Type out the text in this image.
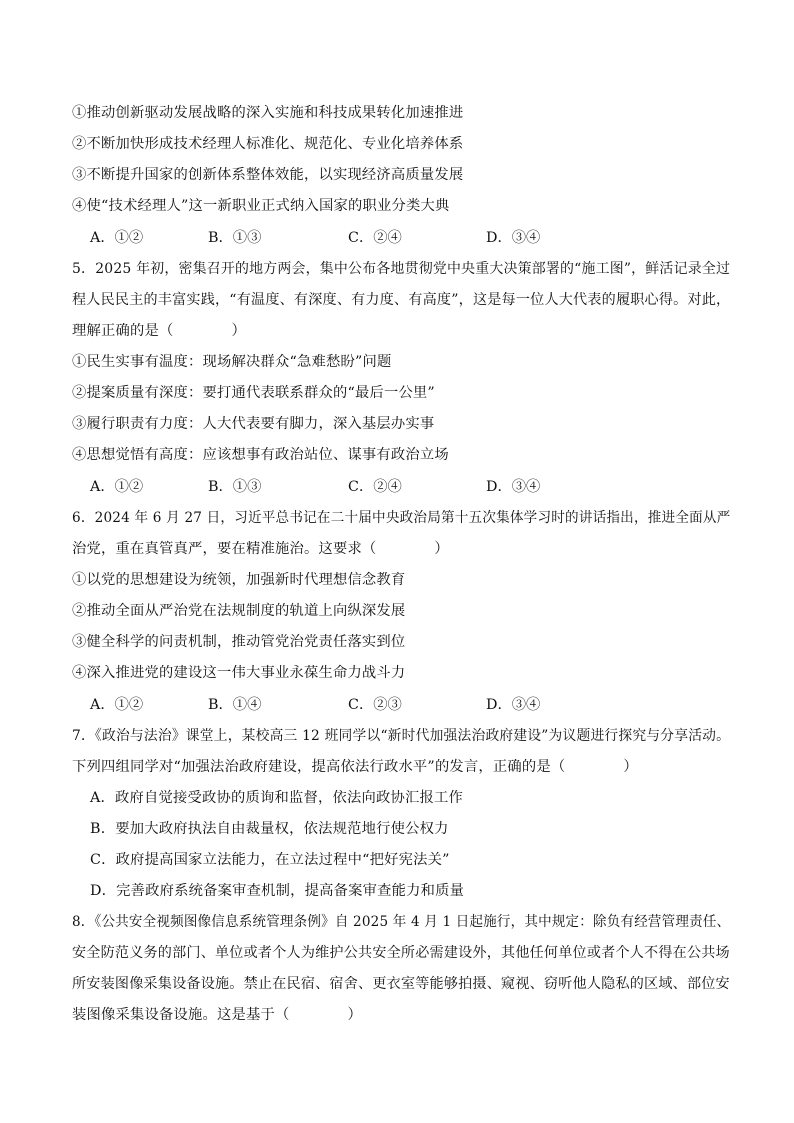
①推动创新驱动发展战略的深入实施和科技成果转化加速推进
②不断加快形成技术经理人标准化、规范化、专业化培养体系
③不断提升国家的创新体系整体效能，以实现经济高质量发展
④使“技术经理人”这一新职业正式纳入国家的职业分类大典
A．①②	B．①③	C．②④	D．③④
5．2025 年初，密集召开的地方两会，集中公布各地贯彻党中央重大决策部署的“施工图”，鲜活记录全过
程人民民主的丰富实践，“有温度、有深度、有力度、有高度”，这是每一位人大代表的履职心得。对此，
理解正确的是（　　　　）
①民生实事有温度：现场解决群众“急难愁盼”问题
②提案质量有深度：要打通代表联系群众的“最后一公里”
③履行职责有力度：人大代表要有脚力，深入基层办实事
④思想觉悟有高度：应该想事有政治站位、谋事有政治立场
A．①②	B．①③	C．②④	D．③④
6．2024 年 6 月 27 日，习近平总书记在二十届中央政治局第十五次集体学习时的讲话指出，推进全面从严
治党，重在真管真严，要在精准施治。这要求（　　　　）
①以党的思想建设为统领，加强新时代理想信念教育
②推动全面从严治党在法规制度的轨道上向纵深发展
③健全科学的问责机制，推动管党治党责任落实到位
④深入推进党的建设这一伟大事业永葆生命力战斗力
A．①②	B．①④	C．②③	D．③④
7．《政治与法治》课堂上，某校高三 12 班同学以“新时代加强法治政府建设”为议题进行探究与分享活动。
下列四组同学对“加强法治政府建设，提高依法行政水平”的发言，正确的是（　　　　）
A．政府自觉接受政协的质询和监督，依法向政协汇报工作
B．要加大政府执法自由裁量权，依法规范地行使公权力
C．政府提高国家立法能力，在立法过程中“把好宪法关”
D．完善政府系统备案审查机制，提高备案审查能力和质量
8．《公共安全视频图像信息系统管理条例》自 2025 年 4 月 1 日起施行，其中规定：除负有经营管理责任、
安全防范义务的部门、单位或者个人为维护公共安全所必需建设外，其他任何单位或者个人不得在公共场
所安装图像采集设备设施。禁止在民宿、宿舍、更衣室等能够拍摄、窥视、窃听他人隐私的区域、部位安
装图像采集设备设施。这是基于（　　　　）
